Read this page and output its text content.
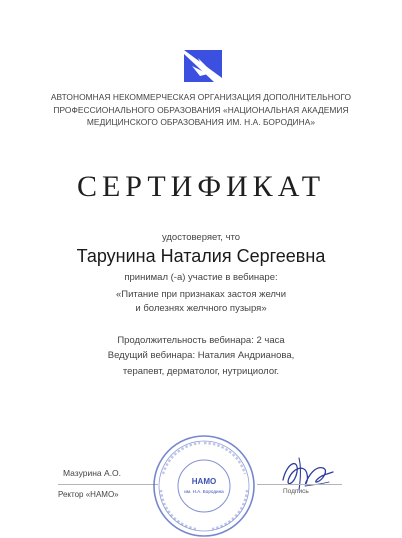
АВТОНОМНАЯ НЕКОММЕРЧЕСКАЯ ОРГАНИЗАЦИЯ ДОПОЛНИТЕЛЬНОГО
ПРОФЕССИОНАЛЬНОГО ОБРАЗОВАНИЯ «НАЦИОНАЛЬНАЯ АКАДЕМИЯ
МЕДИЦИНСКОГО ОБРАЗОВАНИЯ ИМ. Н.А. БОРОДИНА»
СЕРТИФИКАТ
удостоверяет, что
Тарунина Наталия Сергеевна
принимал (-а) участие в вебинаре:
«Питание при признаках застоя желчи
и болезнях желчного пузыря»
Продолжительность вебинара: 2 часа
Ведущий вебинара: Наталия Андрианова,
терапевт, дерматолог, нутрициолог.
Мазурина А.О.
Ректор «НАМО»
НАМО
им. Н.А. Бородина	Подпись
